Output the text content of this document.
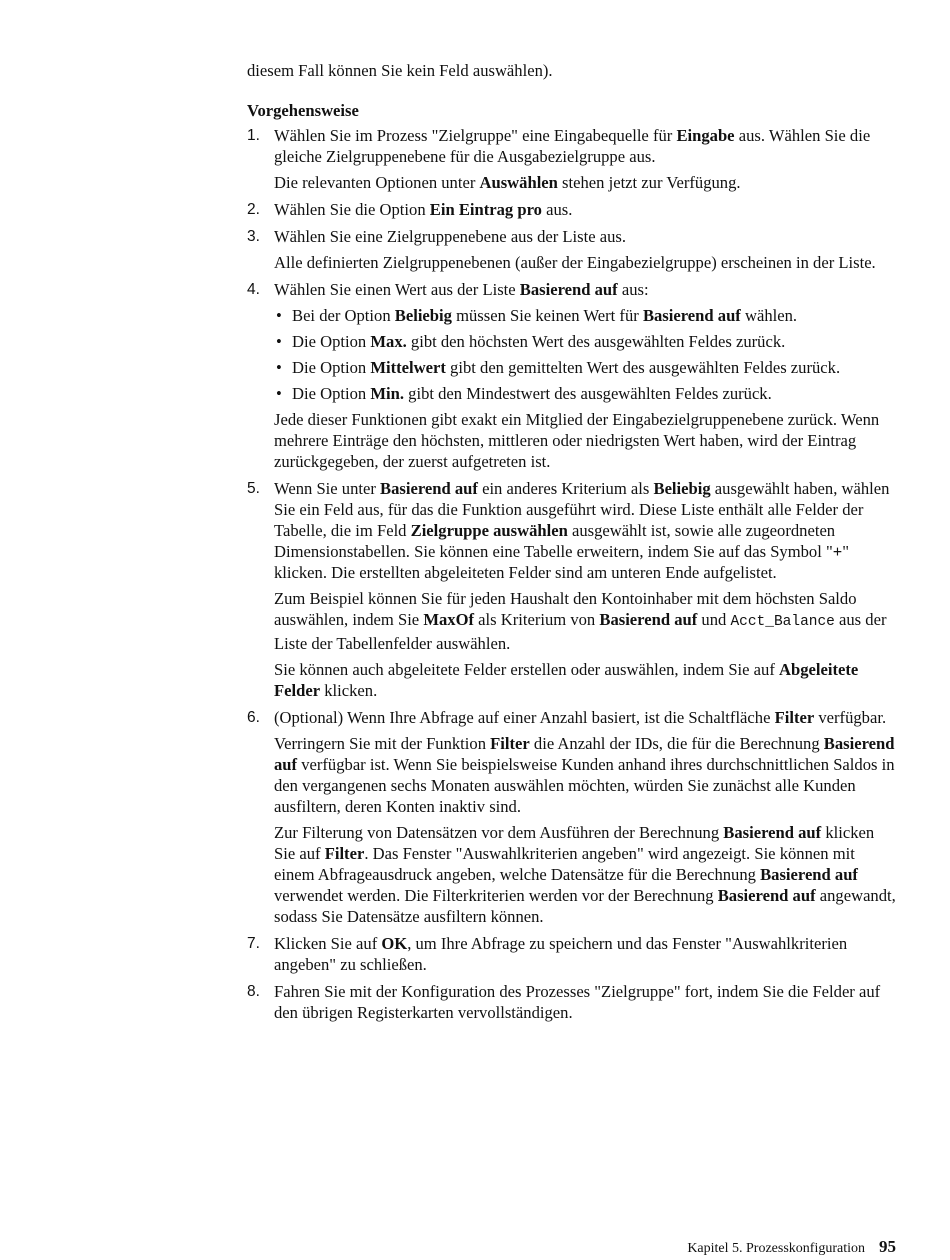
diesem Fall können Sie kein Feld auswählen).

Vorgehensweise

1. Wählen Sie im Prozess "Zielgruppe" eine Eingabequelle für Eingabe aus. Wählen Sie die gleiche Zielgruppenebene für die Ausgabezielgruppe aus.

Die relevanten Optionen unter Auswählen stehen jetzt zur Verfügung.

2. Wählen Sie die Option Ein Eintrag pro aus.

3. Wählen Sie eine Zielgruppenebene aus der Liste aus.

Alle definierten Zielgruppenebenen (außer der Eingabezielgruppe) erscheinen in der Liste.

4. Wählen Sie einen Wert aus der Liste Basierend auf aus:

• Bei der Option Beliebig müssen Sie keinen Wert für Basierend auf wählen.
• Die Option Max. gibt den höchsten Wert des ausgewählten Feldes zurück.
• Die Option Mittelwert gibt den gemittelten Wert des ausgewählten Feldes zurück.
• Die Option Min. gibt den Mindestwert des ausgewählten Feldes zurück.

Jede dieser Funktionen gibt exakt ein Mitglied der Eingabezielgruppenebene zurück. Wenn mehrere Einträge den höchsten, mittleren oder niedrigsten Wert haben, wird der Eintrag zurückgegeben, der zuerst aufgetreten ist.

5. Wenn Sie unter Basierend auf ein anderes Kriterium als Beliebig ausgewählt haben, wählen Sie ein Feld aus, für das die Funktion ausgeführt wird. Diese Liste enthält alle Felder der Tabelle, die im Feld Zielgruppe auswählen ausgewählt ist, sowie alle zugeordneten Dimensionstabellen. Sie können eine Tabelle erweitern, indem Sie auf das Symbol "+" klicken. Die erstellten abgeleiteten Felder sind am unteren Ende aufgelistet.

Zum Beispiel können Sie für jeden Haushalt den Kontoinhaber mit dem höchsten Saldo auswählen, indem Sie MaxOf als Kriterium von Basierend auf und Acct_Balance aus der Liste der Tabellenfelder auswählen.

Sie können auch abgeleitete Felder erstellen oder auswählen, indem Sie auf Abgeleitete Felder klicken.

6. (Optional) Wenn Ihre Abfrage auf einer Anzahl basiert, ist die Schaltfläche Filter verfügbar.

Verringern Sie mit der Funktion Filter die Anzahl der IDs, die für die Berechnung Basierend auf verfügbar ist. Wenn Sie beispielsweise Kunden anhand ihres durchschnittlichen Saldos in den vergangenen sechs Monaten auswählen möchten, würden Sie zunächst alle Kunden ausfiltern, deren Konten inaktiv sind.

Zur Filterung von Datensätzen vor dem Ausführen der Berechnung Basierend auf klicken Sie auf Filter. Das Fenster "Auswahlkriterien angeben" wird angezeigt. Sie können mit einem Abfrageausdruck angeben, welche Datensätze für die Berechnung Basierend auf verwendet werden. Die Filterkriterien werden vor der Berechnung Basierend auf angewandt, sodass Sie Datensätze ausfiltern können.

7. Klicken Sie auf OK, um Ihre Abfrage zu speichern und das Fenster "Auswahlkriterien angeben" zu schließen.

8. Fahren Sie mit der Konfiguration des Prozesses "Zielgruppe" fort, indem Sie die Felder auf den übrigen Registerkarten vervollständigen.

Kapitel 5. Prozesskonfiguration 95
